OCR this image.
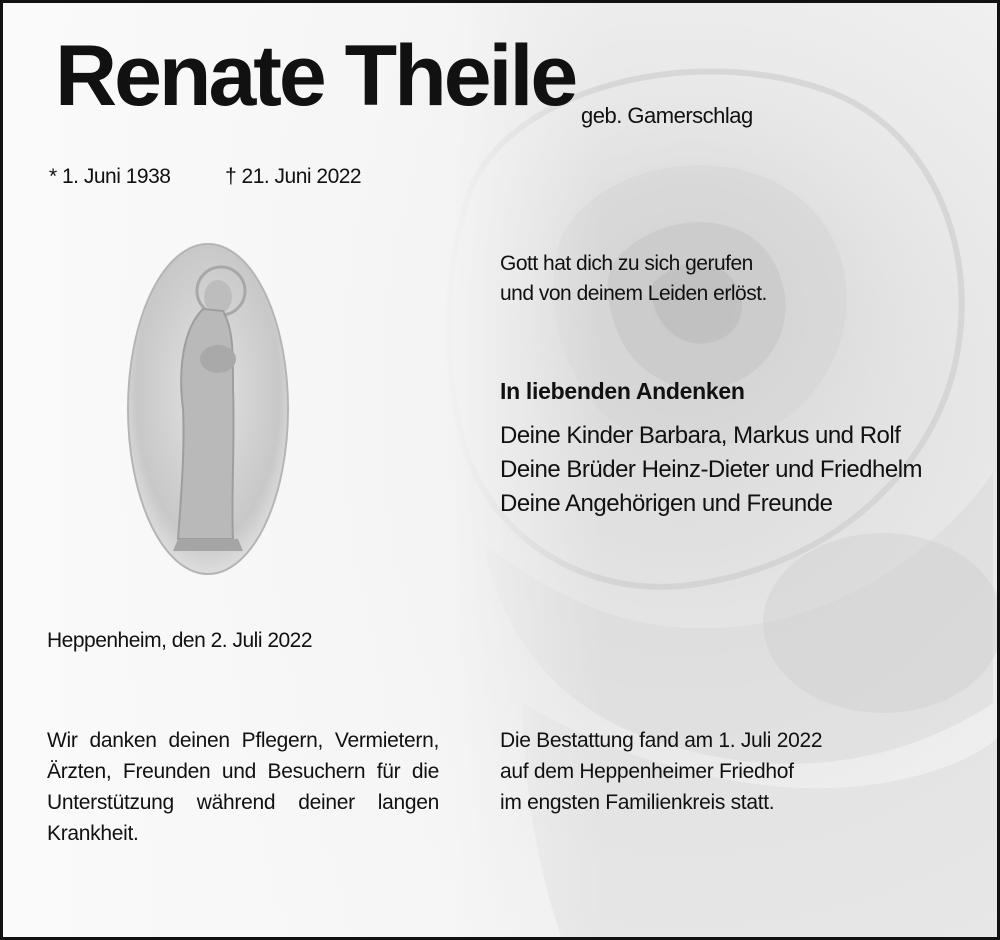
Renate Theile geb. Gamerschlag
* 1. Juni 1938	† 21. Juni 2022
Gott hat dich zu sich gerufen
und von deinem Leiden erlöst.
In liebenden Andenken
Deine Kinder Barbara, Markus und Rolf
Deine Brüder Heinz-Dieter und Friedhelm
Deine Angehörigen und Freunde
Heppenheim, den 2. Juli 2022
Wir danken deinen Pflegern, Vermietern, Ärzten, Freunden und Besuchern für die Unterstützung während deiner langen Krankheit.
Die Bestattung fand am 1. Juli 2022
auf dem Heppenheimer Friedhof
im engsten Familienkreis statt.
